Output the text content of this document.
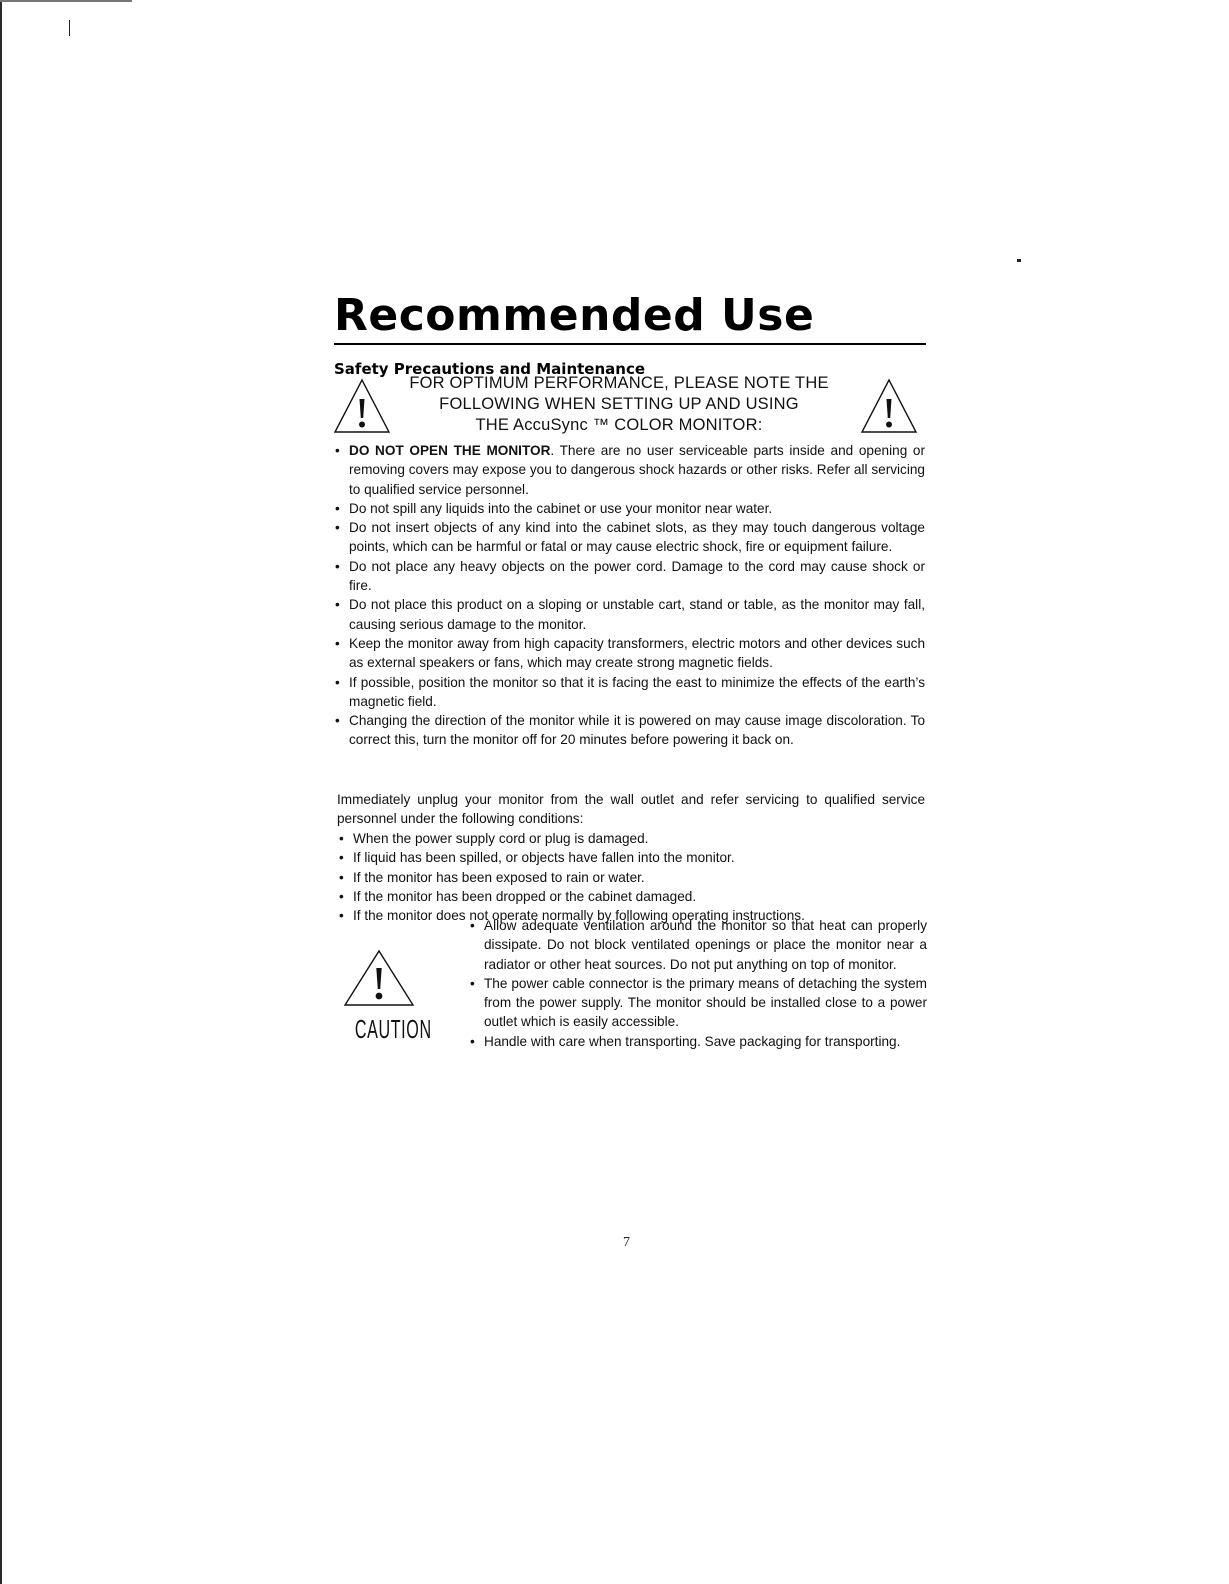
Recommended Use
Safety Precautions and Maintenance
FOR OPTIMUM PERFORMANCE, PLEASE NOTE THE
FOLLOWING WHEN SETTING UP AND USING
THE AccuSync ™ COLOR MONITOR:
• DO NOT OPEN THE MONITOR. There are no user serviceable parts inside and opening or removing covers may expose you to dangerous shock hazards or other risks. Refer all servicing to qualified service personnel.
• Do not spill any liquids into the cabinet or use your monitor near water.
• Do not insert objects of any kind into the cabinet slots, as they may touch dangerous voltage points, which can be harmful or fatal or may cause electric shock, fire or equipment failure.
• Do not place any heavy objects on the power cord. Damage to the cord may cause shock or fire.
• Do not place this product on a sloping or unstable cart, stand or table, as the monitor may fall, causing serious damage to the monitor.
• Keep the monitor away from high capacity transformers, electric motors and other devices such as external speakers or fans, which may create strong magnetic fields.
• If possible, position the monitor so that it is facing the east to minimize the effects of the earth’s magnetic field.
• Changing the direction of the monitor while it is powered on may cause image discoloration. To correct this, turn the monitor off for 20 minutes before powering it back on.

Immediately unplug your monitor from the wall outlet and refer servicing to qualified service personnel under the following conditions:

• When the power supply cord or plug is damaged.
• If liquid has been spilled, or objects have fallen into the monitor.
• If the monitor has been exposed to rain or water.
• If the monitor has been dropped or the cabinet damaged.
• If the monitor does not operate normally by following operating instructions.
CAUTION
• Allow adequate ventilation around the monitor so that heat can properly dissipate. Do not block ventilated openings or place the monitor near a radiator or other heat sources. Do not put anything on top of monitor.
• The power cable connector is the primary means of detaching the system from the power supply. The monitor should be installed close to a power outlet which is easily accessible.
• Handle with care when transporting. Save packaging for transporting.
7
